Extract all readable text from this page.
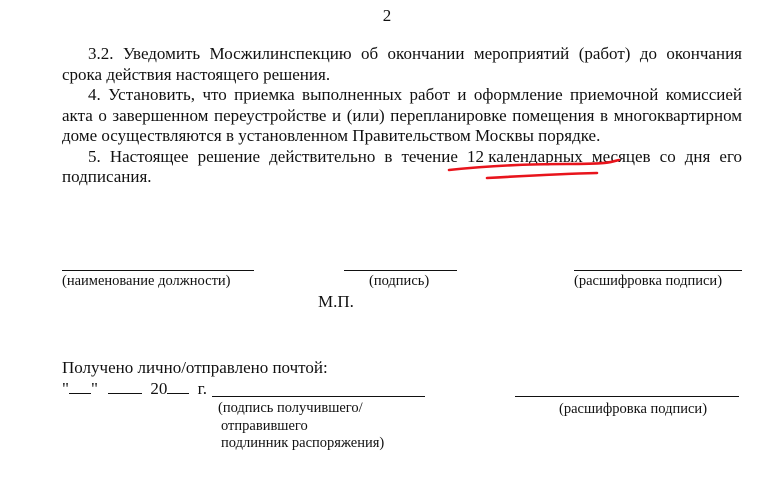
2

3.2. Уведомить Мосжилинспекцию об окончании мероприятий (работ) до окончания срока действия настоящего решения.

4. Установить, что приемка выполненных работ и оформление приемочной комиссией акта о завершенном переустройстве и (или) перепланировке помещения в многоквартирном доме осуществляются в установленном Правительством Москвы порядке.

5. Настоящее решение действительно в течение 12 календарных
месяцев со дня его подписания.

(наименование должности)	(подпись)	(расшифровка подписи)
М.П.
Получено лично/отправлено почтой:
" "	20 г.
(подпись получившего/
отправившего
подлинник распоряжения)
(расшифровка подписи)
